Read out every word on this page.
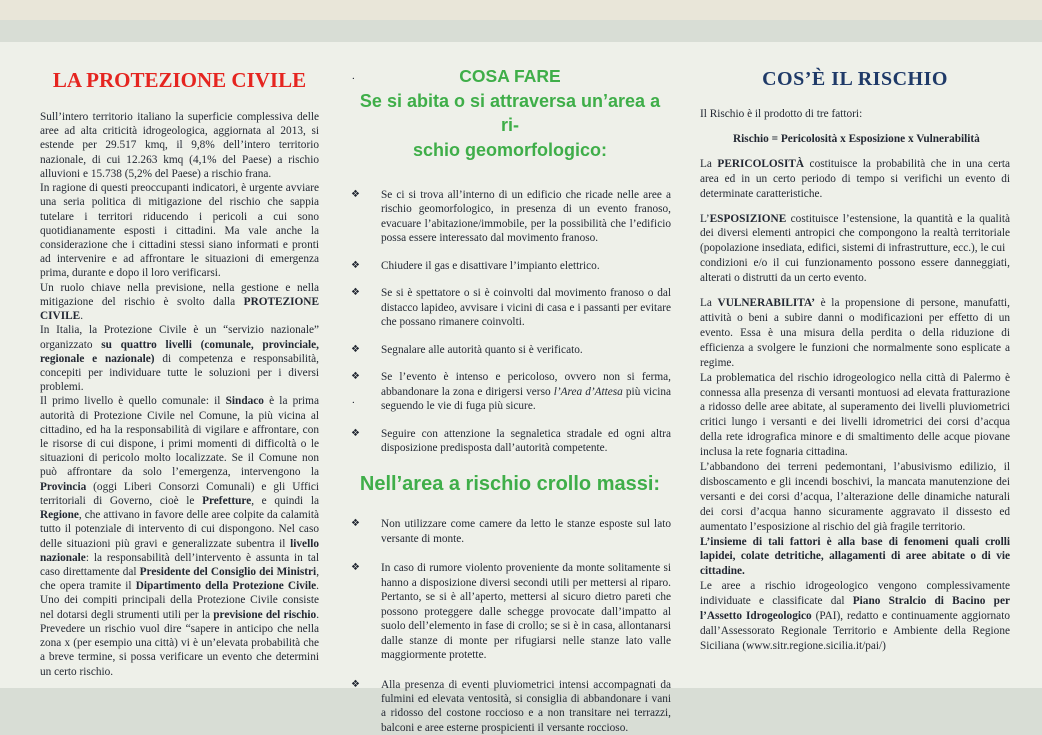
LA PROTEZIONE CIVILE

Sull’intero territorio italiano la superficie complessiva delle aree ad alta criticità idrogeologica, aggiornata al 2013, si estende per 29.517 kmq, il 9,8% dell’intero territorio nazionale, di cui 12.263 kmq (4,1% del Paese) a rischio alluvioni e 15.738 (5,2% del Paese) a rischio frana.

In ragione di questi preoccupanti indicatori, è urgente avviare una seria politica di mitigazione del rischio che sappia tutelare i territori riducendo i pericoli a cui sono quotidianamente esposti i cittadini. Ma vale anche la considerazione che i cittadini stessi siano informati e pronti ad intervenire e ad affrontare le situazioni di emergenza prima, durante e dopo il loro verificarsi.

Un ruolo chiave nella previsione, nella gestione e nella mitigazione del rischio è svolto dalla PROTEZIONE CIVILE.

In Italia, la Protezione Civile è un “servizio nazionale” organizzato su quattro livelli (comunale, provinciale, regionale e nazionale) di competenza e responsabilità, concepiti per individuare tutte le soluzioni per i diversi problemi.

Il primo livello è quello comunale: il Sindaco è la prima autorità di Protezione Civile nel Comune, la più vicina al cittadino, ed ha la responsabilità di vigilare e affrontare, con le risorse di cui dispone, i primi momenti di difficoltà o le situazioni di pericolo molto localizzate. Se il Comune non può affrontare da solo l’emergenza, intervengono la Provincia (oggi Liberi Consorzi Comunali) e gli Uffici territoriali di Governo, cioè le Prefetture, e quindi la Regione, che attivano in favore delle aree colpite da calamità tutto il potenziale di intervento di cui dispongono. Nel caso delle situazioni più gravi e generalizzate subentra il livello nazionale: la responsabilità dell’intervento è assunta in tal caso direttamente dal Presidente del Consiglio dei Ministri, che opera tramite il Dipartimento della Protezione Civile. Uno dei compiti principali della Protezione Civile consiste nel dotarsi degli strumenti utili per la previsione del rischio. Prevedere un rischio vuol dire “sapere in anticipo che nella zona x (per esempio una città) vi è un’elevata probabilità che a breve termine, si possa verificare un evento che determini un certo rischio.

.
.
COSA FARE
Se si abita o si attraversa un’area a ri-
schio geomorfologico:
❖	Se ci si trova all’interno di un edificio che ricade nelle aree a rischio geomorfologico, in presenza di un evento franoso, evacuare l’abitazione/immobile, per la possibilità che l’edificio possa essere interessato dal movimento franoso.
❖	Chiudere il gas e disattivare l’impianto elettrico.
❖	Se si è spettatore o si è coinvolti dal movimento franoso o dal distacco lapideo, avvisare i vicini di casa e i passanti per evitare che possano rimanere coinvolti.
❖	Segnalare alle autorità quanto si è verificato.
❖	Se l’evento è intenso e pericoloso, ovvero non si ferma, abbandonare la zona e dirigersi verso l’Area d’Attesa più vicina seguendo le vie di fuga più sicure.
❖	Seguire con attenzione la segnaletica stradale ed ogni altra disposizione predisposta dall’autorità competente.
Nell’area a rischio crollo massi:
❖	Non utilizzare come camere da letto le stanze esposte sul lato versante di monte.
❖	In caso di rumore violento proveniente da monte solitamente si hanno a disposizione diversi secondi utili per mettersi al riparo. Pertanto, se si è all’aperto, mettersi al sicuro dietro pareti che possono proteggere dalle schegge provocate dall’impatto al suolo dell’elemento in fase di crollo; se si è in casa, allontanarsi dalle stanze di monte per rifugiarsi nelle stanze lato valle maggiormente protette.
❖	Alla presenza di eventi pluviometrici intensi accompagnati da fulmini ed elevata ventosità, si consiglia di abbandonare i vani a ridosso del costone roccioso e a non transitare nei terrazzi, balconi e aree esterne prospicienti il versante roccioso.
COS’È IL RISCHIO

Il Rischio è il prodotto di tre fattori:

Rischio = Pericolosità x Esposizione x Vulnerabilità

La PERICOLOSITÀ costituisce la probabilità che in una certa area ed in un certo periodo di tempo si verifichi un evento di determinate caratteristiche.

L’ESPOSIZIONE costituisce l’estensione, la quantità e la qualità dei diversi elementi antropici che compongono la realtà territoriale (popolazione insediata, edifici, sistemi di infrastrutture, ecc.), le cui

condizioni e/o il cui funzionamento possono essere danneggiati, alterati o distrutti da un certo evento.

La VULNERABILITA’ è la propensione di persone, manufatti, attività o beni a subire danni o modificazioni per effetto di un evento. Essa è una misura della perdita o della riduzione di efficienza a svolgere le funzioni che normalmente sono esplicate a regime.

La problematica del rischio idrogeologico nella città di Palermo è connessa alla presenza di versanti montuosi ad elevata fratturazione a ridosso delle aree abitate, al superamento dei livelli pluviometrici critici lungo i versanti e dei livelli idrometrici dei corsi d’acqua della rete idrografica minore e di smaltimento delle acque piovane inclusa la rete fognaria cittadina.

L’abbandono dei terreni pedemontani, l’abusivismo edilizio, il disboscamento e gli incendi boschivi, la mancata manutenzione dei versanti e dei corsi d’acqua, l’alterazione delle dinamiche naturali dei corsi d’acqua hanno sicuramente aggravato il dissesto ed aumentato l’esposizione al rischio del già fragile territorio.

L’insieme di tali fattori è alla base di fenomeni quali crolli lapidei, colate detritiche, allagamenti di aree abitate o di vie cittadine.

Le aree a rischio idrogeologico vengono complessivamente individuate e classificate dal Piano Stralcio di Bacino per l’Assetto Idrogeologico (PAI), redatto e continuamente aggiornato dall’Assessorato Regionale Territorio e Ambiente della Regione Siciliana (www.sitr.regione.sicilia.it/pai/)
